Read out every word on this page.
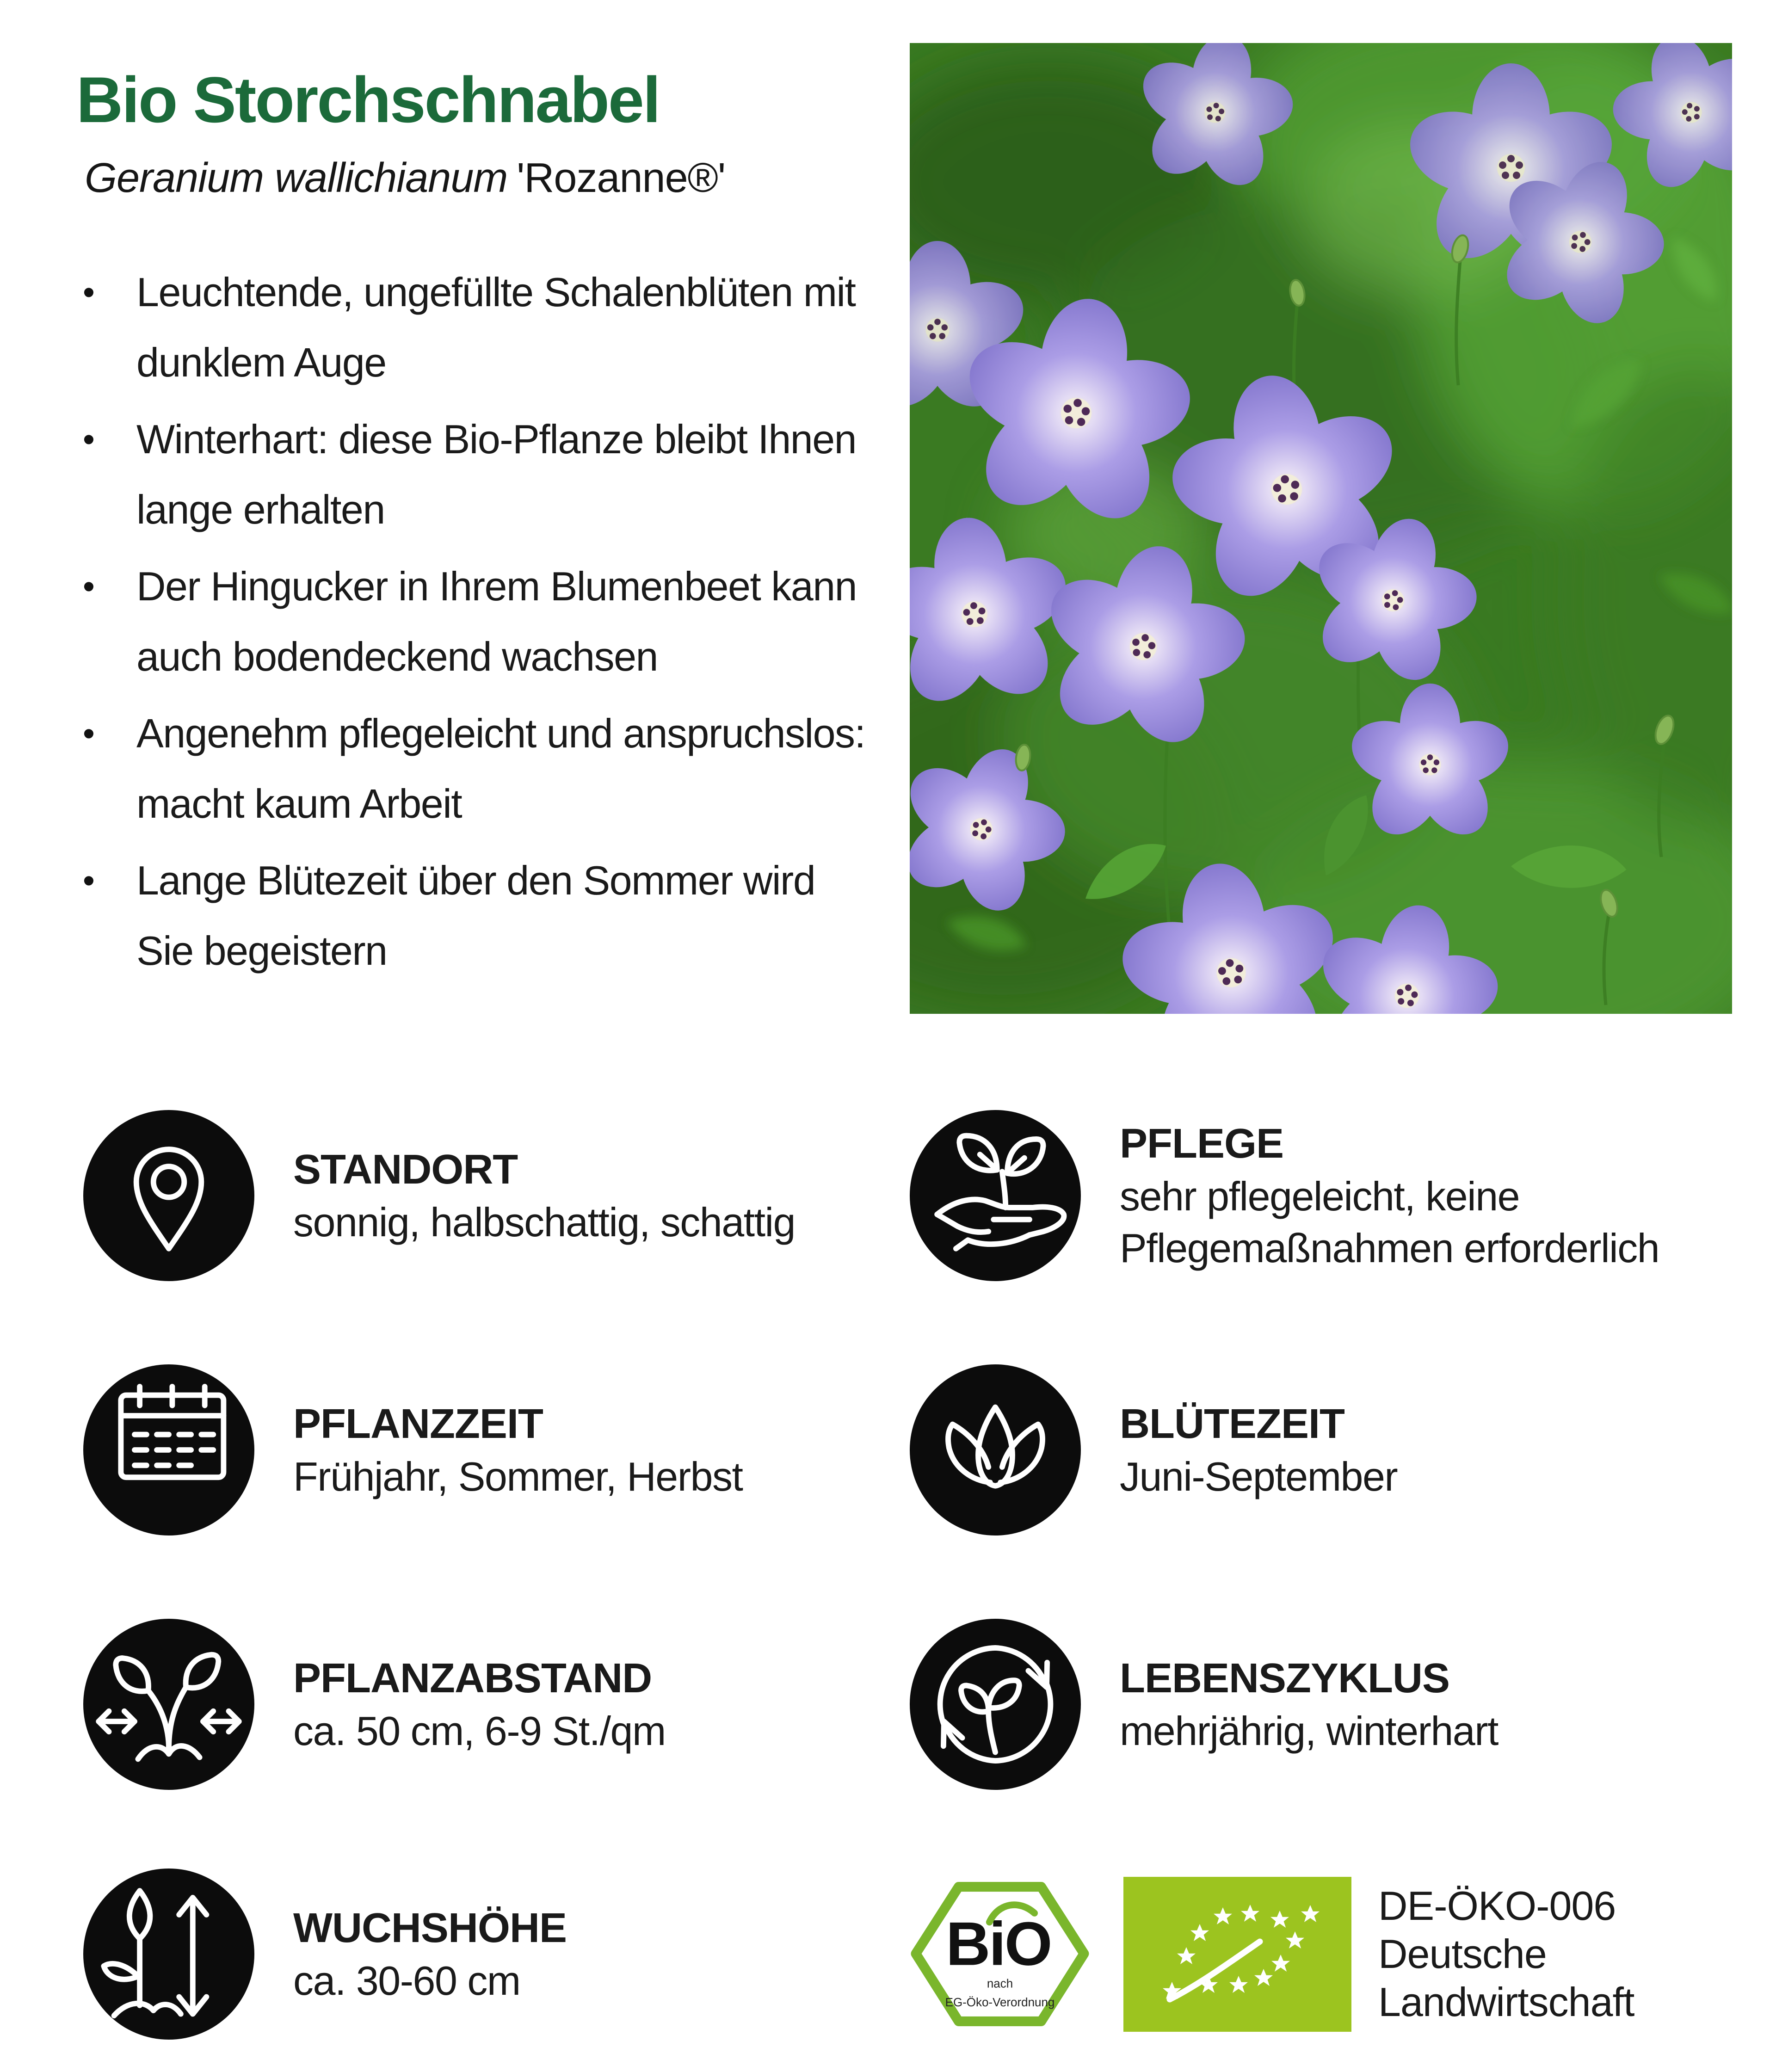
Bio Storchschnabel

Geranium wallichianum 'Rozanne®'

•	Leuchtende, ungefüllte Schalenblüten mit
dunklem Auge
•	Winterhart: diese Bio-Pflanze bleibt Ihnen
lange erhalten
•	Der Hingucker in Ihrem Blumenbeet kann
auch bodendeckend wachsen
•	Angenehm pflegeleicht und anspruchslos:
macht kaum Arbeit
•	Lange Blütezeit über den Sommer wird
Sie begeistern
STANDORT
sonnig, halbschattig, schattig
PFLEGE
sehr pflegeleicht, keine
Pflegemaßnahmen erforderlich
PFLANZZEIT
Frühjahr, Sommer, Herbst
BLÜTEZEIT
Juni-September
PFLANZABSTAND
ca. 50 cm, 6-9 St./qm
LEBENSZYKLUS
mehrjährig, winterhart
WUCHSHÖHE
ca. 30-60 cm
BiO
nach
EG-Öko-Verordnung
DE-ÖKO-006
Deutsche
Landwirtschaft
